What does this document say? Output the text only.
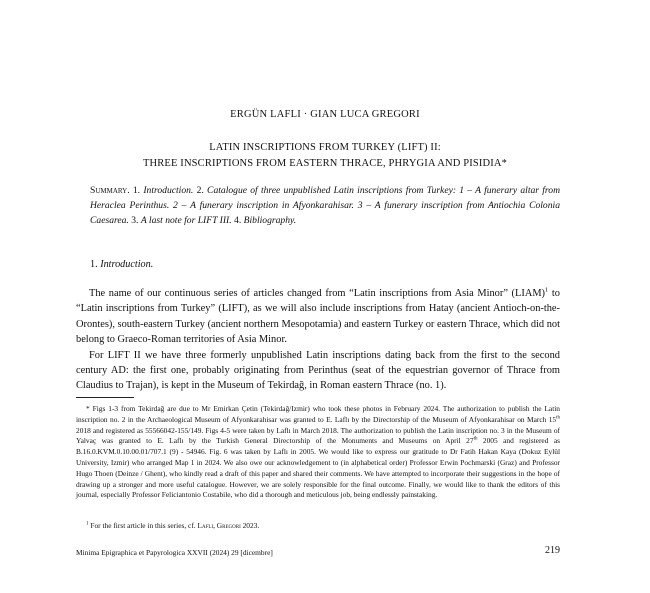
ERGÜN LAFLI · GIAN LUCA GREGORI
LATIN INSCRIPTIONS FROM TURKEY (LIFT) II:
THREE INSCRIPTIONS FROM EASTERN THRACE, PHRYGIA AND PISIDIA*
Summary. 1. Introduction. 2. Catalogue of three unpublished Latin inscriptions from Turkey: 1 – A funerary altar from Heraclea Perinthus. 2 – A funerary inscription in Afyonkarahisar. 3 – A funerary inscription from Antiochia Colonia Caesarea. 3. A last note for LIFT III. 4. Bibliography.
1. Introduction.

The name of our continuous series of articles changed from “Latin inscriptions from Asia Minor” (LIAM)$^1$ to “Latin inscriptions from Turkey” (LIFT), as we will also include inscriptions from Hatay (ancient Antioch-on-the-Orontes), south-eastern Turkey (ancient northern Mesopotamia) and eastern Turkey or eastern Thrace, which did not belong to Graeco-Roman territories of Asia Minor.

For LIFT II we have three formerly unpublished Latin inscriptions dating back from the first to the second century AD: the first one, probably originating from Perinthus (seat of the equestrian governor of Thrace from Claudius to Trajan), is kept in the Museum of Tekirdağ, in Roman eastern Thrace (no. 1).

* Figs 1-3 from Tekirdağ are due to Mr Emirkan Çetin (Tekirdağ/Izmir) who took these photos in February 2024. The authorization to publish the Latin inscription no. 2 in the Archaeological Museum of Afyonkarahisar was granted to E. Laflı by the Directorship of the Museum of Afyonkarahisar on March 15th 2018 and registered as 55566042-155/149. Figs 4-5 were taken by Laflı in March 2018. The authorization to publish the Latin inscription no. 3 in the Museum of Yalvaç was granted to E. Laflı by the Turkish General Directorship of the Monuments and Museums on April 27th 2005 and registered as B.16.0.KVM.0.10.00.01/707.1 (9) - 54946. Fig. 6 was taken by Laflı in 2005. We would like to express our gratitude to Dr Fatih Hakan Kaya (Dokuz Eylül University, Izmir) who arranged Map 1 in 2024. We also owe our acknowledgement to (in alphabetical order) Professor Erwin Pochmarski (Graz) and Professor Hugo Thoen (Deinze / Ghent), who kindly read a draft of this paper and shared their comments. We have attempted to incorporate their suggestions in the hope of drawing up a stronger and more useful catalogue. However, we are solely responsible for the final outcome. Finally, we would like to thank the editors of this journal, especially Professor Feliciantonio Costabile, who did a thorough and meticulous job, being endlessly painstaking.

$^1$ For the first article in this series, cf. Laflı, Gregori 2023.

Minima Epigraphica et Papyrologica XXVII (2024) 29 [dicembre]	219
